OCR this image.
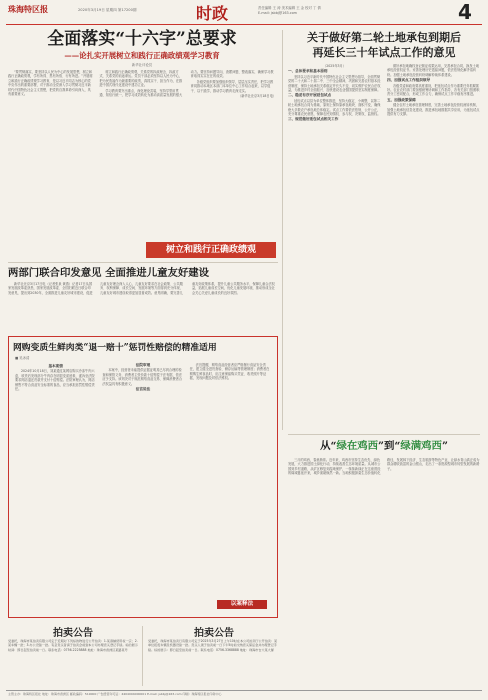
珠海特区报	2020年3月19日 星期四 第17200期	时政	责任编辑 王 涛 美术编辑 王 金 校对 丁 倩
E-mail: jsbbj@163.com	4
全面落实“十六字”总要求
——论扎实开展树立和践行正确政绩观学习教育
新华社评论员

“要贯彻落实，要坚持以人民为中心的发展思想，树立和践行正确政绩观，学有所得、思有所悟、行有所进。”开展树立和践行正确政绩观学习教育，是以习近平同志为核心的党中央作出的重要部署，对于推动全党深入学习贯彻习近平新时代中国特色社会主义思想，把党的自我革命引向深入，具有重要意义。

树立和践行正确政绩观，关系党的执政理念、执政方式，关系党的前途命运。党员干部必须坚持以人民为中心，把为民造福作为最重要的政绩，真抓实干、担当作为，在推进中国式现代化建设中建功立业。

学习教育要突出重点，深化理论武装，坚持学思用贯通、知信行统一，把学习成效转化为推动高质量发展的强大动力。要坚持问题导向，查摆问题、整改落实，确保学习教育取得实实在在的成效。

各级党组织要加强组织领导，层层压实责任，把学习教育同推动本地区本部门本单位中心工作结合起来，以学促干、以干践学，推动学习教育走深走实。

（新华社北京3月18日电）

树立和践行正确政绩观
关于做好第二轮土地承包到期后
再延长三十年试点工作的意见

（2025年3月）

一、总体要求和基本原则

坚持以习近平新时代中国特色社会主义思想为指导，全面贯彻党的二十大和二十届二中、三中全会精神，巩固和完善农村基本经营制度，保持土地承包关系稳定并长久不变，切实维护农民合法权益，为推进乡村全面振兴、加快建设农业强国提供坚实制度保障。

二、稳妥有序开展延包试点

延包试点以县为单位整体推进，坚持大稳定、小调整，以第二轮土地承包合同为基础，原则上保持原承包地块、面积不变，确保绝大多数农户承包地总体稳定。试点工作要依法依规、公开公正，充分尊重农民意愿，保障农民知情权、参与权、决策权、监督权。

三、规范做好延包试点相关工作

做好承包地确权登记颁证成果运用，完善承包合同，换发土地承包经营权证书。妥善处理历史遗留问题，依法依规化解矛盾纠纷。加强土地承包经营纠纷调解仲裁体系建设。

四、加强试点工作组织领导

各级党委和政府要高度重视，把延包试点作为重要任务抓紧抓好。农业农村部门要加强统筹协调和工作指导，各有关部门按照职责分工密切配合，形成工作合力，确保试点工作平稳有序推进。

五、加强政策保障

健全农村土地承包管理制度，完善土地承包经营权流转机制，加强土地承包信息化建设，推进承包地数据共享应用，为延包试点提供有力支撑。

两部门联合印发意见 全面推进儿童友好建设

新华社北京3月17日电（记者张泉 黄燕）记者17日从国家发展改革委获悉，国家发展改革委、全国妇联近日联合印发意见，提出到2030年，全面推进儿童友好城市建设，促进儿童友好理念深入人心，儿童友好要求在社会政策、公共服务、权利保障、成长空间、发展环境等方面得到充分体现，儿童友好城市建设取得更加显著成效。意见明确，要完善儿童友好政策体系，提升儿童公共服务水平，保障儿童合法权益，拓展儿童成长空间，优化儿童发展环境，推动形成全社会关心关爱儿童成长的良好氛围。

网购变质生鲜肉类“退一赔十”惩罚性赔偿的精准适用
■ 吴冰清
基本案情

2024年10月18日，刘某通过某网店购买冷冻牛肉六盒，收货后发现部分牛肉存在明显变质迹象，遂诉至法院要求网店退还货款并支付十倍赔偿。法院审理认为，网店销售不符合食品安全标准的食品，应当承担惩罚性赔偿责任。

法院审理

本案中，经营者未能提供证据证明其已尽到合理的检查和保管义务，消费者主张价款十倍赔偿于法有据，依法应予支持。该判决对于规范网络食品交易、保障消费者合法权益具有积极意义。

法官说法

法官提醒，网络食品经营者应严格履行食品安全责任，建立健全进货查验、储存运输等管理制度；消费者在网购生鲜食品时，应注意保留购买凭证、收货照片等证据，发现问题及时依法维权。

以案释法
从“绿在鸡西”到“绿满鸡西”

三月的鸡西，春意渐浓。近年来，鸡西市坚持生态优先、绿色发展，大力推进国土绿化行动，持续改善生态环境质量。从城市公园到乡村道路，从矿区修复到湿地保护，一抹抹新绿正在这座曾经的煤城蔓延开来，城乡面貌焕然一新。当地积极探索生态价值转化路径，发展林下经济、生态旅游等特色产业，让绿水青山真正成为群众增收致富的金山银山，走出了一条资源型城市转型发展的新路子。

拍卖公告
受委托，珠海市某拍卖有限公司定于近期对下列标的物进行公开拍卖：1.某商铺使用权一宗；2.某车辆一批；3.办公设备一批。有意竞买者请于拍卖会前到本公司办理竞买登记手续。标的展示时间：即日起至拍卖前一日。联系电话：0756-2225888 地址：珠海市香洲区某路某号
拍卖公告
受委托，珠海市某拍卖行有限公司定于2025年3月27日上午10时在本公司拍卖厅公开拍卖：某单位报废车辆及机器设备一批。竞买人须于拍卖前一日下午5时前交纳竞买保证金并办理登记手续。标的展示：即日起至拍卖前一日。联系电话：0756-3368888 地址：珠海市吉大某大厦
主管主办：珠海特区报社 地址：珠海市香洲区 邮政编码：519000 广告经营许可证：4404004000001 E-mail: jsbbj@163.com 印刷：珠海特区报社印务中心
